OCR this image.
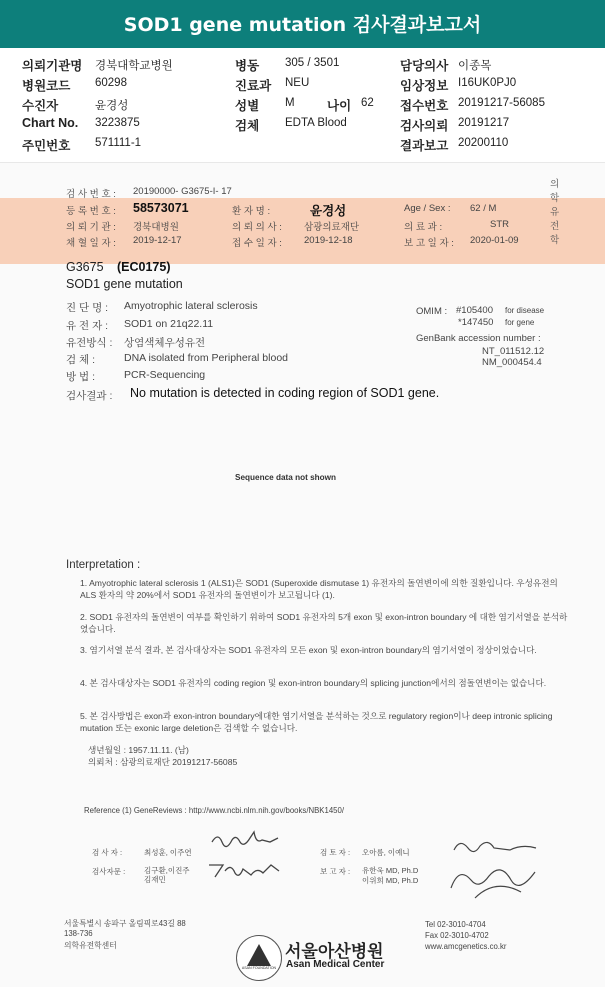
SOD1 gene mutation 검사결과보고서
의뢰기관명 경북대학교병원	병동 305 / 3501	담당의사 이종목
병원코드 60298	진료과 NEU	임상정보 I16UK0PJ0
수진자	윤경성	성별 M	나이 62 접수번호 20191217-56085
Chart No. 3223875	검체 EDTA Blood	검사의뢰 20191217
주민번호 571111-1	결과보고 20200110
의학유전학
검 사 번 호 : 20190000- G3675-I- 17
등 록 번 호 : 58573071	환 자 명 :	윤경성	Age / Sex : 62 / M
의 뢰 기 관 : 경북대병원	의 뢰 의 사 : 삼광의료재단	의 료 과 :	STR
채 혈 일 자 : 2019-12-17	접 수 일 자 : 2019-12-18	보 고 일 자 : 2020-01-09
G3675 (EC0175)
SOD1 gene mutation
진 단 명 : Amyotrophic lateral sclerosis
유 전 자 : SOD1 on 21q22.11
유전방식 : 상염색체우성유전
검 체 :	DNA isolated from Peripheral blood
방 법 :	PCR-Sequencing
OMIM : #105400 for disease
*147450 for gene
GenBank accession number :
NT_011512.12
NM_000454.4
검사결과 : No mutation is detected in coding region of SOD1 gene.
Sequence data not shown
Interpretation :
1. Amyotrophic lateral sclerosis 1 (ALS1)은 SOD1 (Superoxide dismutase 1) 유전자의 돌연변이에 의한 질환입니다. 우성유전의 ALS 환자의 약 20%에서 SOD1 유전자의 돌연변이가 보고됩니다 (1).
2. SOD1 유전자의 돌연변이 여부를 확인하기 위하여 SOD1 유전자의 5개 exon 및 exon-intron boundary 에 대한 염기서열을 분석하였습니다.
3. 염기서열 분석 결과, 본 검사대상자는 SOD1 유전자의 모든 exon 및 exon-intron boundary의 염기서열이 정상이었습니다.
4. 본 검사대상자는 SOD1 유전자의 coding region 및 exon-intron boundary의 splicing junction에서의 점돌연변이는 없습니다.
5. 본 검사방법은 exon과 exon-intron boundary에대한 염기서열을 분석하는 것으로 regulatory region이나 deep intronic splicing mutation 또는 exonic large deletion은 검색할 수 없습니다.
생년월일 : 1957.11.11. (남)
의뢰처 : 삼광의료재단 20191217-56085
Reference (1) GeneReviews : http://www.ncbi.nlm.nih.gov/books/NBK1450/
검 사 자 :	최성훈, 이주연
검사자문 :	김구환,이진주
김재민
검 토 자 : 오아름, 이예니
보 고 자 : 유한욱 MD, Ph.D
이위희 MD, Ph.D
서울특별시 송파구 올림픽로43길 88
138-736
의학유전학센터
ASAN FOUNDATION
서울아산병원
Asan Medical Center
Tel 02-3010-4704
Fax 02-3010-4702
www.amcgenetics.co.kr
